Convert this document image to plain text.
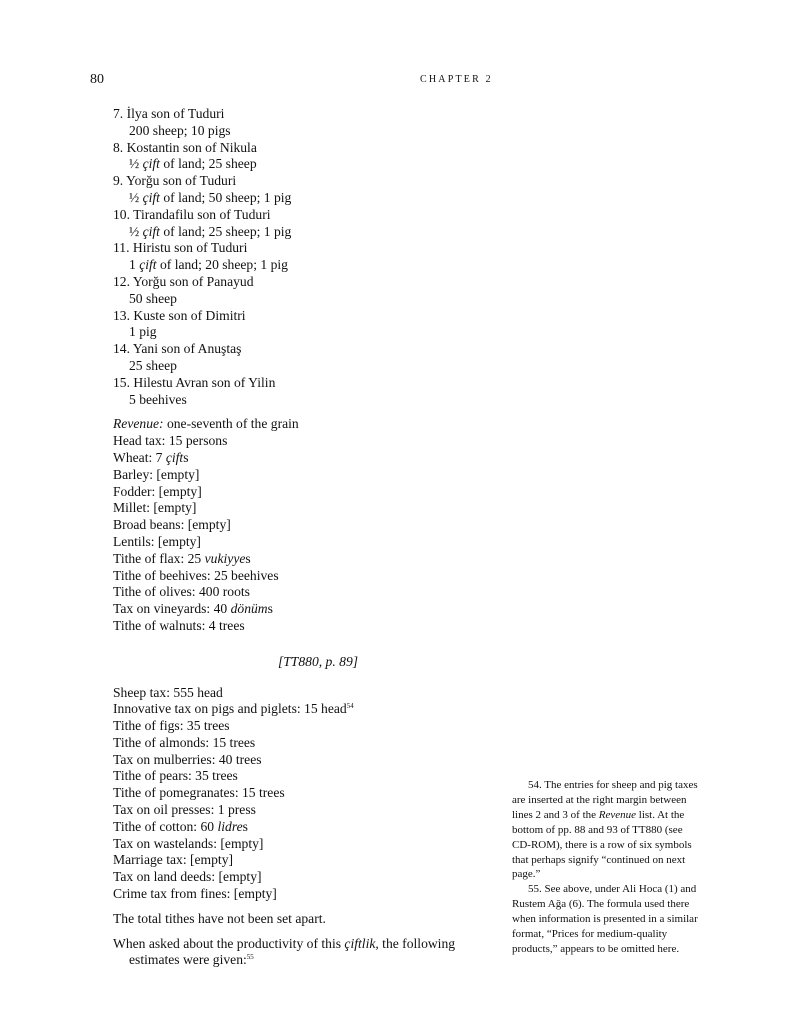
80	CHAPTER 2
7. İlya son of Tuduri
200 sheep; 10 pigs
8. Kostantin son of Nikula
½ çift of land; 25 sheep
9. Yorğu son of Tuduri
½ çift of land; 50 sheep; 1 pig
10. Tirandafilu son of Tuduri
½ çift of land; 25 sheep; 1 pig
11. Hiristu son of Tuduri
1 çift of land; 20 sheep; 1 pig
12. Yorğu son of Panayud
50 sheep
13. Kuste son of Dimitri
1 pig
14. Yani son of Anuştaş
25 sheep
15. Hilestu Avran son of Yilin
5 beehives
Revenue: one-seventh of the grain
Head tax: 15 persons
Wheat: 7 çifts
Barley: [empty]
Fodder: [empty]
Millet: [empty]
Broad beans: [empty]
Lentils: [empty]
Tithe of flax: 25 vukiyyes
Tithe of beehives: 25 beehives
Tithe of olives: 400 roots
Tax on vineyards: 40 dönüms
Tithe of walnuts: 4 trees
[TT880, p. 89]
Sheep tax: 555 head
Innovative tax on pigs and piglets: 15 head$^{54}$
Tithe of figs: 35 trees
Tithe of almonds: 15 trees
Tax on mulberries: 40 trees
Tithe of pears: 35 trees
Tithe of pomegranates: 15 trees
Tax on oil presses: 1 press
Tithe of cotton: 60 lidres
Tax on wastelands: [empty]
Marriage tax: [empty]
Tax on land deeds: [empty]
Crime tax from fines: [empty]
The total tithes have not been set apart.
When asked about the productivity of this çiftlik, the following estimates were given:$^{55}$

54. The entries for sheep and pig taxes are inserted at the right margin between lines 2 and 3 of the Revenue list. At the bottom of pp. 88 and 93 of TT880 (see CD-ROM), there is a row of six symbols that perhaps signify “continued on next page.”

55. See above, under Ali Hoca (1) and Rustem Ağa (6). The formula used there when information is presented in a similar format, “Prices for medium-quality products,” appears to be omitted here.
